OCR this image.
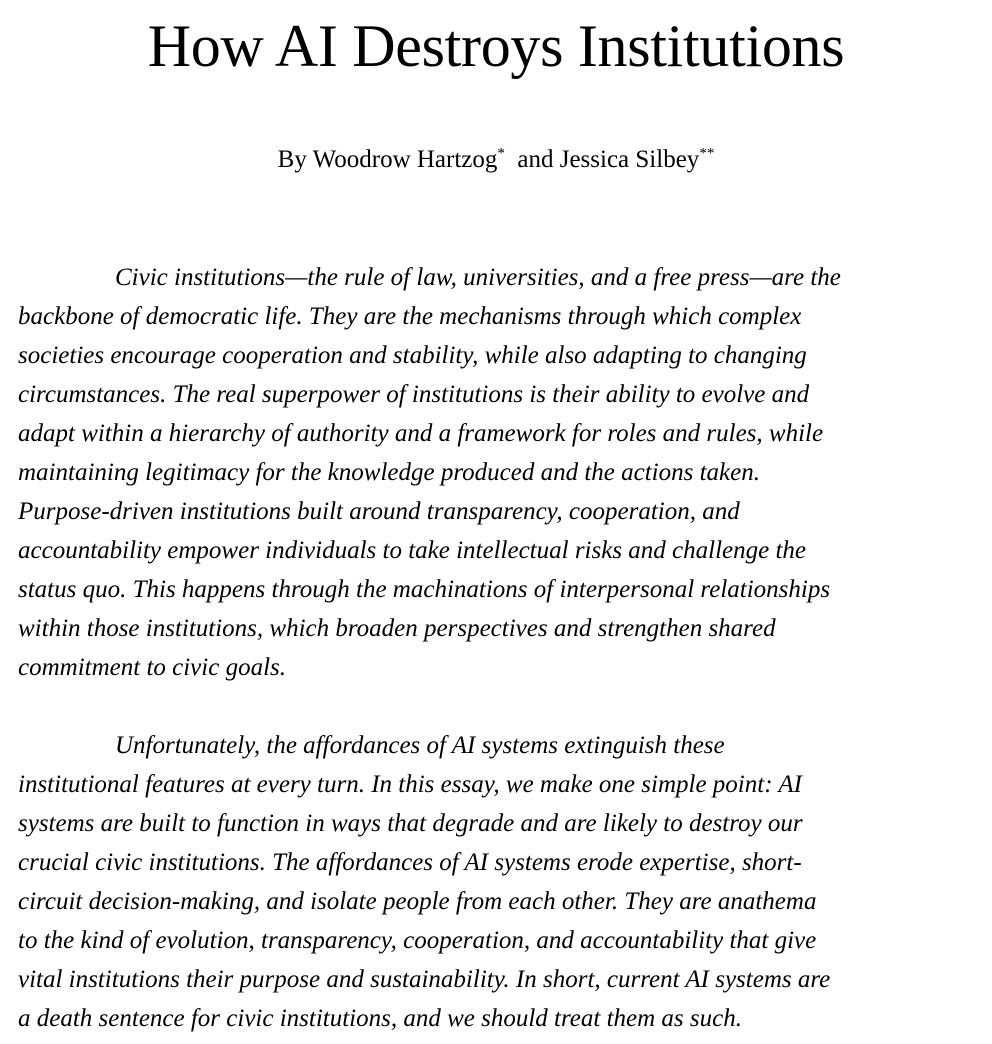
How AI Destroys Institutions

By Woodrow Hartzog* and Jessica Silbey**

Civic institutions—the rule of law, universities, and a free press—are the
backbone of democratic life. They are the mechanisms through which complex
societies encourage cooperation and stability, while also adapting to changing
circumstances. The real superpower of institutions is their ability to evolve and
adapt within a hierarchy of authority and a framework for roles and rules, while
maintaining legitimacy for the knowledge produced and the actions taken.
Purpose-driven institutions built around transparency, cooperation, and
accountability empower individuals to take intellectual risks and challenge the
status quo. This happens through the machinations of interpersonal relationships
within those institutions, which broaden perspectives and strengthen shared
commitment to civic goals.
Unfortunately, the affordances of AI systems extinguish these
institutional features at every turn. In this essay, we make one simple point: AI
systems are built to function in ways that degrade and are likely to destroy our
crucial civic institutions. The affordances of AI systems erode expertise, short-
circuit decision-making, and isolate people from each other. They are anathema
to the kind of evolution, transparency, cooperation, and accountability that give
vital institutions their purpose and sustainability. In short, current AI systems are
a death sentence for civic institutions, and we should treat them as such.
